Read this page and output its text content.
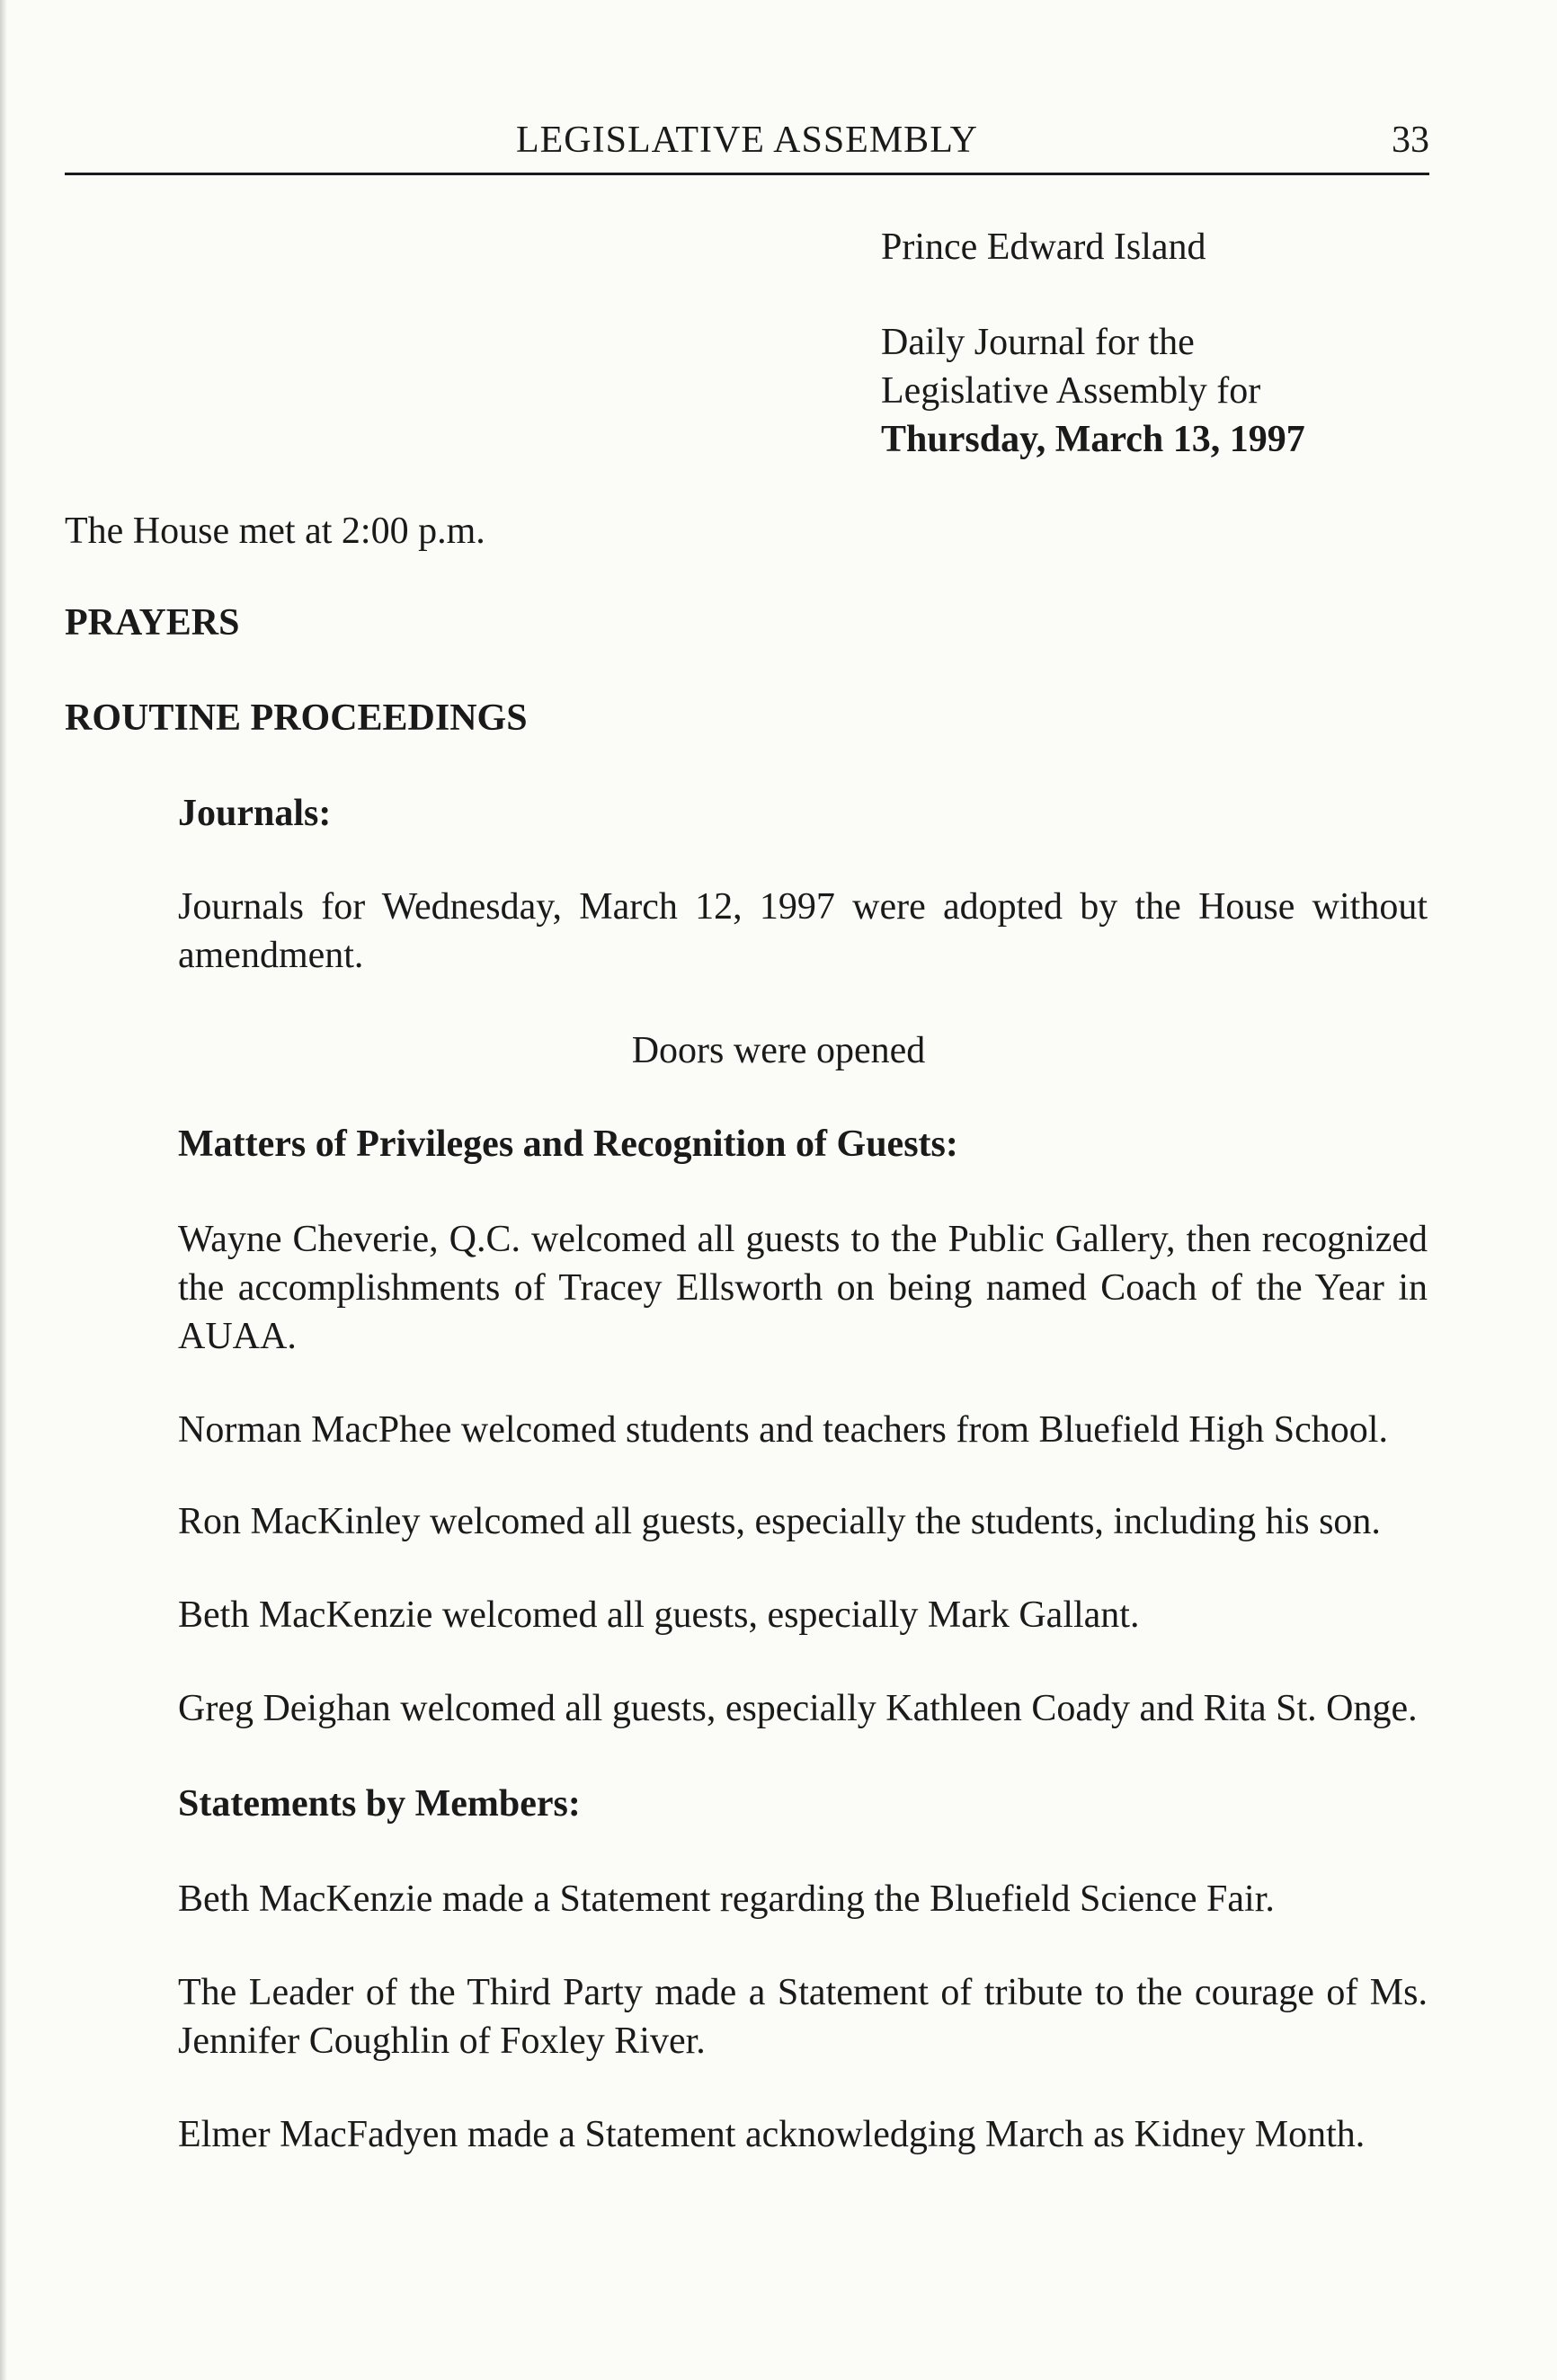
LEGISLATIVE ASSEMBLY	33
Prince Edward Island
Daily Journal for the
Legislative Assembly for
Thursday, March 13, 1997
The House met at 2:00 p.m.
PRAYERS
ROUTINE PROCEEDINGS
Journals:
Journals for Wednesday, March 12, 1997 were adopted by the House without amendment.
Doors were opened
Matters of Privileges and Recognition of Guests:
Wayne Cheverie, Q.C. welcomed all guests to the Public Gallery, then recognized the accomplishments of Tracey Ellsworth on being named Coach of the Year in AUAA.
Norman MacPhee welcomed students and teachers from Bluefield High School.
Ron MacKinley welcomed all guests, especially the students, including his son.
Beth MacKenzie welcomed all guests, especially Mark Gallant.
Greg Deighan welcomed all guests, especially Kathleen Coady and Rita St. Onge.
Statements by Members:
Beth MacKenzie made a Statement regarding the Bluefield Science Fair.
The Leader of the Third Party made a Statement of tribute to the courage of Ms. Jennifer Coughlin of Foxley River.
Elmer MacFadyen made a Statement acknowledging March as Kidney Month.
